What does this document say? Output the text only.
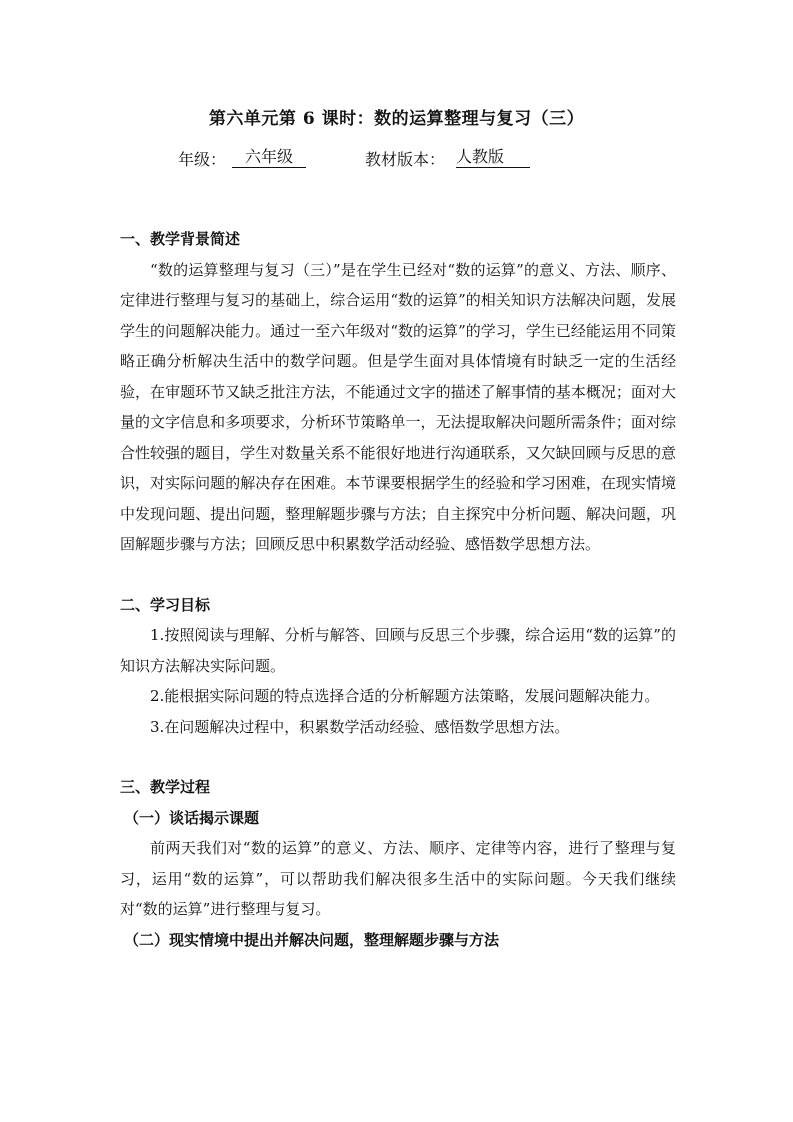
第六单元第 6 课时：数的运算整理与复习（三）
年级：	六年级	教材版本： 人教版

一、教学背景简述

“数的运算整理与复习（三）”是在学生已经对“数的运算”的意义、方法、顺序、定律进行整理与复习的基础上，综合运用“数的运算”的相关知识方法解决问题，发展学生的问题解决能力。通过一至六年级对“数的运算”的学习，学生已经能运用不同策略正确分析解决生活中的数学问题。但是学生面对具体情境有时缺乏一定的生活经验，在审题环节又缺乏批注方法，不能通过文字的描述了解事情的基本概况；面对大量的文字信息和多项要求，分析环节策略单一，无法提取解决问题所需条件；面对综合性较强的题目，学生对数量关系不能很好地进行沟通联系，又欠缺回顾与反思的意识，对实际问题的解决存在困难。本节课要根据学生的经验和学习困难，在现实情境中发现问题、提出问题，整理解题步骤与方法；自主探究中分析问题、解决问题，巩固解题步骤与方法；回顾反思中积累数学活动经验、感悟数学思想方法。

二、学习目标

1.按照阅读与理解、分析与解答、回顾与反思三个步骤，综合运用“数的运算”的知识方法解决实际问题。

2.能根据实际问题的特点选择合适的分析解题方法策略，发展问题解决能力。

3.在问题解决过程中，积累数学活动经验、感悟数学思想方法。

三、教学过程

（一）谈话揭示课题

前两天我们对“数的运算”的意义、方法、顺序、定律等内容，进行了整理与复习，运用“数的运算”，可以帮助我们解决很多生活中的实际问题。今天我们继续对“数的运算”进行整理与复习。

（二）现实情境中提出并解决问题，整理解题步骤与方法
